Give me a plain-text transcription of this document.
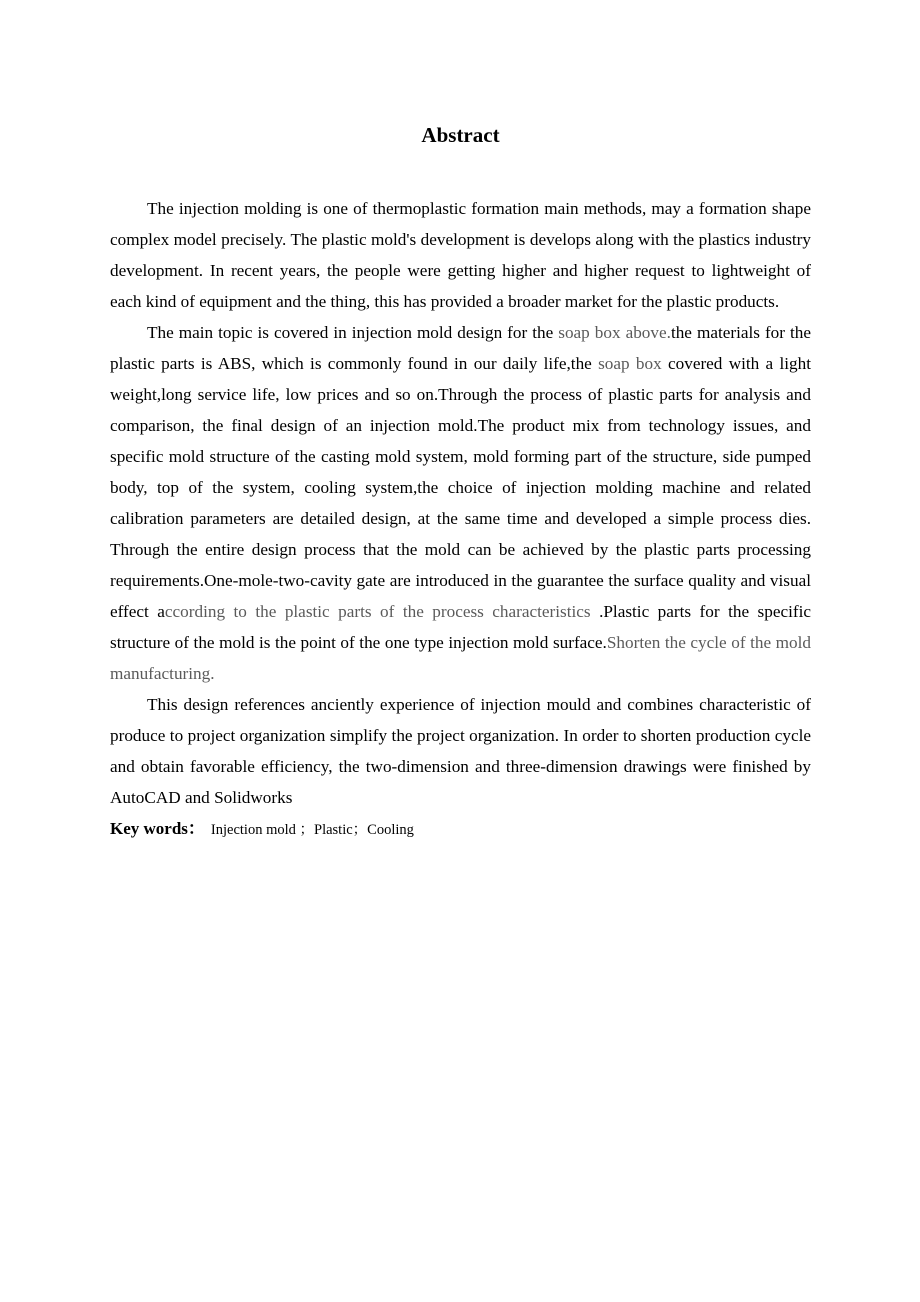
Abstract

The injection molding is one of thermoplastic formation main methods, may a formation shape complex model precisely. The plastic mold's development is develops along with the plastics industry development. In recent years, the people were getting higher and higher request to lightweight of each kind of equipment and the thing, this has provided a broader market for the plastic products.

The main topic is covered in injection mold design for the soap box above.the materials for the plastic parts is ABS, which is commonly found in our daily life,the soap box covered with a light weight,long service life, low prices and so on.Through the process of plastic parts for analysis and comparison, the final design of an injection mold.The product mix from technology issues, and specific mold structure of the casting mold system, mold forming part of the structure, side pumped body, top of the system, cooling system,the choice of injection molding machine and related calibration parameters are detailed design, at the same time and developed a simple process dies. Through the entire design process that the mold can be achieved by the plastic parts processing requirements.One-mole-two-cavity gate are introduced in the guarantee the surface quality and visual effect according to the plastic parts of the process characteristics .Plastic parts for the specific structure of the mold is the point of the one type injection mold surface.Shorten the cycle of the mold manufacturing.

This design references anciently experience of injection mould and combines characteristic of produce to project organization simplify the project organization. In order to shorten production cycle and obtain favorable efficiency, the two-dimension and three-dimension drawings were finished by AutoCAD and Solidworks

Key words： Injection mold ；Plastic；Cooling
